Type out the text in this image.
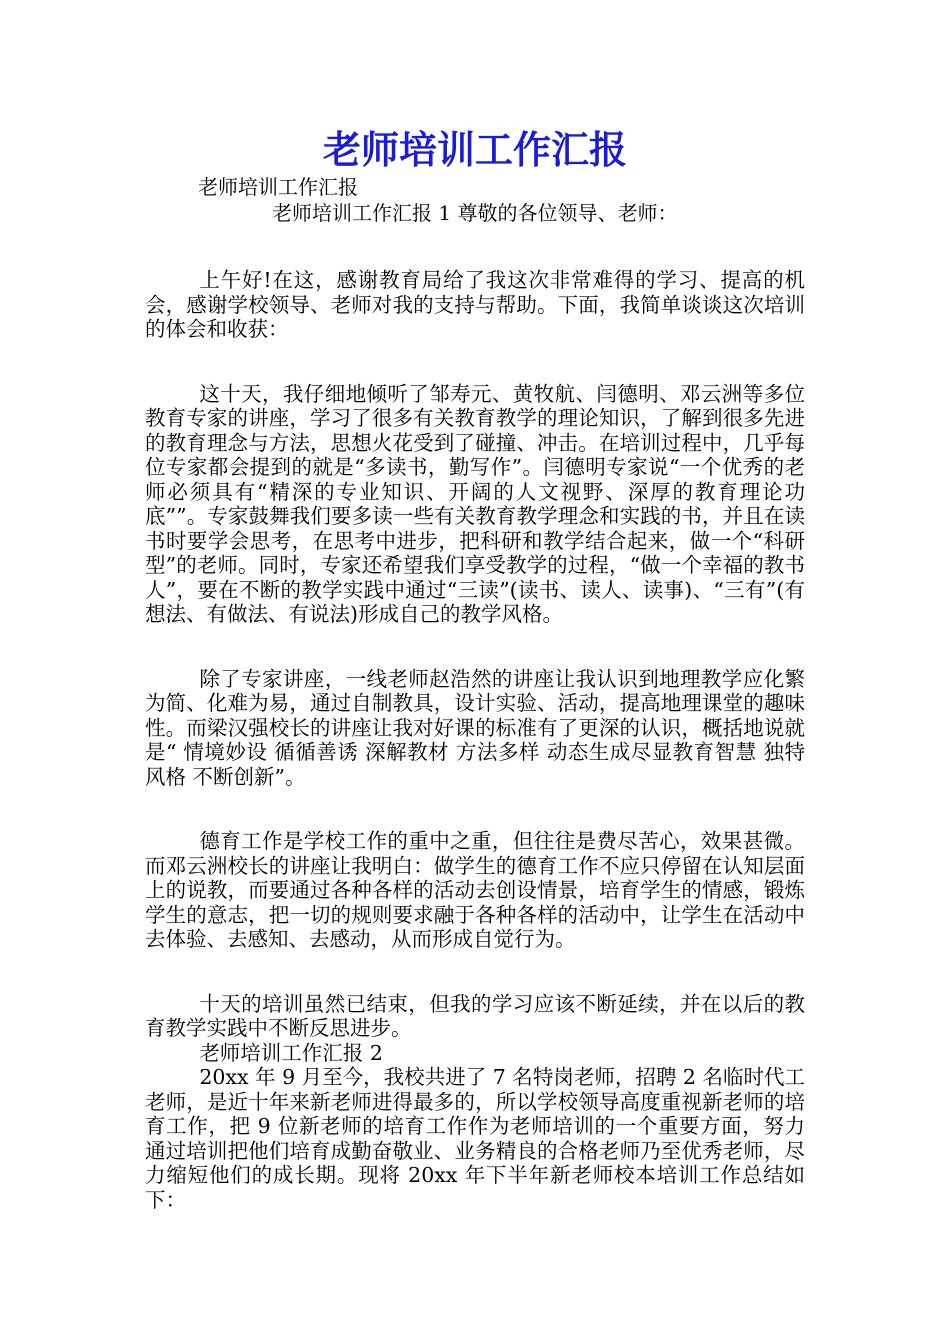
老师培训工作汇报
老师培训工作汇报
老师培训工作汇报 1 尊敬的各位领导、老师：

上午好!在这，感谢教育局给了我这次非常难得的学习、提高的机会，感谢学校领导、老师对我的支持与帮助。下面，我简单谈谈这次培训的体会和收获：

这十天，我仔细地倾听了邹寿元、黄牧航、闫德明、邓云洲等多位教育专家的讲座，学习了很多有关教育教学的理论知识，了解到很多先进的教育理念与方法，思想火花受到了碰撞、冲击。在培训过程中，几乎每位专家都会提到的就是“多读书，勤写作”。闫德明专家说“一个优秀的老师必须具有“精深的专业知识、开阔的人文视野、深厚的教育理论功底””。专家鼓舞我们要多读一些有关教育教学理念和实践的书，并且在读书时要学会思考，在思考中进步，把科研和教学结合起来，做一个“科研型”的老师。同时，专家还希望我们享受教学的过程，“做一个幸福的教书人”，要在不断的教学实践中通过“三读”(读书、读人、读事)、“三有”(有想法、有做法、有说法)形成自己的教学风格。

除了专家讲座，一线老师赵浩然的讲座让我认识到地理教学应化繁为简、化难为易，通过自制教具，设计实验、活动，提高地理课堂的趣味性。而梁汉强校长的讲座让我对好课的标准有了更深的认识，概括地说就是“ 情境妙设 循循善诱 深解教材 方法多样 动态生成尽显教育智慧 独特风格 不断创新”。

德育工作是学校工作的重中之重，但往往是费尽苦心，效果甚微。而邓云洲校长的讲座让我明白：做学生的德育工作不应只停留在认知层面上的说教，而要通过各种各样的活动去创设情景，培育学生的情感，锻炼学生的意志，把一切的规则要求融于各种各样的活动中，让学生在活动中去体验、去感知、去感动，从而形成自觉行为。

十天的培训虽然已结束，但我的学习应该不断延续，并在以后的教育教学实践中不断反思进步。

老师培训工作汇报 2

20xx 年 9 月至今，我校共进了 7 名特岗老师，招聘 2 名临时代工老师，是近十年来新老师进得最多的，所以学校领导高度重视新老师的培育工作，把 9 位新老师的培育工作作为老师培训的一个重要方面，努力通过培训把他们培育成勤奋敬业、业务精良的合格老师乃至优秀老师，尽力缩短他们的成长期。现将 20xx 年下半年新老师校本培训工作总结如下：
